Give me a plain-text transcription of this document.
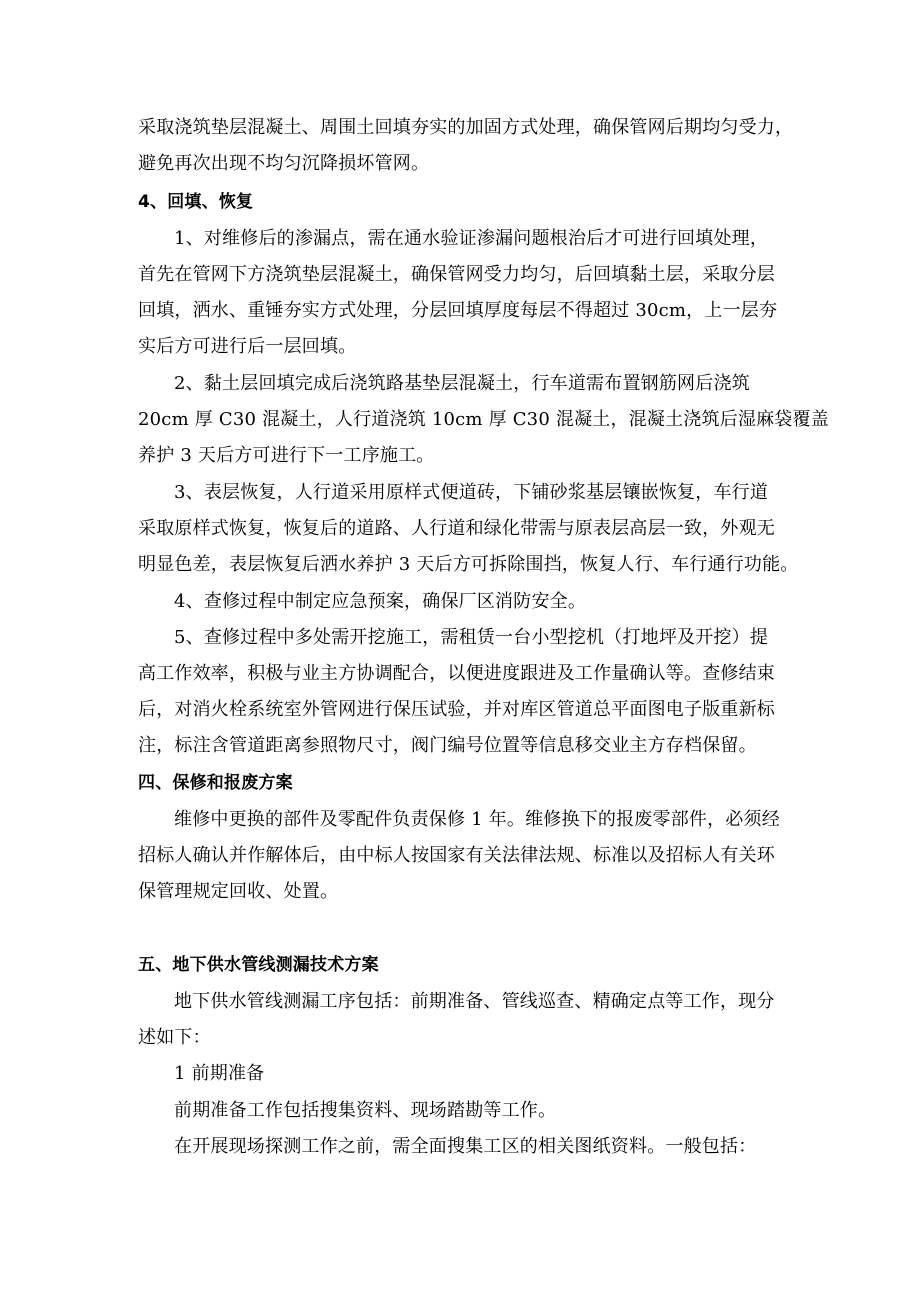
采取浇筑垫层混凝土、周围土回填夯实的加固方式处理，确保管网后期均匀受力，
避免再次出现不均匀沉降损坏管网。
4、回填、恢复
1、对维修后的渗漏点，需在通水验证渗漏问题根治后才可进行回填处理，
首先在管网下方浇筑垫层混凝土，确保管网受力均匀，后回填黏土层，采取分层
回填，洒水、重锤夯实方式处理，分层回填厚度每层不得超过 30cm，上一层夯
实后方可进行后一层回填。
2、黏土层回填完成后浇筑路基垫层混凝土，行车道需布置钢筋网后浇筑
20cm 厚 C30 混凝土，人行道浇筑 10cm 厚 C30 混凝土，混凝土浇筑后湿麻袋覆盖
养护 3 天后方可进行下一工序施工。
3、表层恢复，人行道采用原样式便道砖，下铺砂浆基层镶嵌恢复，车行道
采取原样式恢复，恢复后的道路、人行道和绿化带需与原表层高层一致，外观无
明显色差，表层恢复后洒水养护 3 天后方可拆除围挡，恢复人行、车行通行功能。
4、查修过程中制定应急预案，确保厂区消防安全。
5、查修过程中多处需开挖施工，需租赁一台小型挖机（打地坪及开挖）提
高工作效率，积极与业主方协调配合，以便进度跟进及工作量确认等。查修结束
后，对消火栓系统室外管网进行保压试验，并对库区管道总平面图电子版重新标
注，标注含管道距离参照物尺寸，阀门编号位置等信息移交业主方存档保留。
四、保修和报废方案
维修中更换的部件及零配件负责保修 1 年。维修换下的报废零部件，必须经
招标人确认并作解体后，由中标人按国家有关法律法规、标准以及招标人有关环
保管理规定回收、处置。
五、地下供水管线测漏技术方案
地下供水管线测漏工序包括：前期准备、管线巡查、精确定点等工作，现分
述如下：
1 前期准备
前期准备工作包括搜集资料、现场踏勘等工作。
在开展现场探测工作之前，需全面搜集工区的相关图纸资料。一般包括：
